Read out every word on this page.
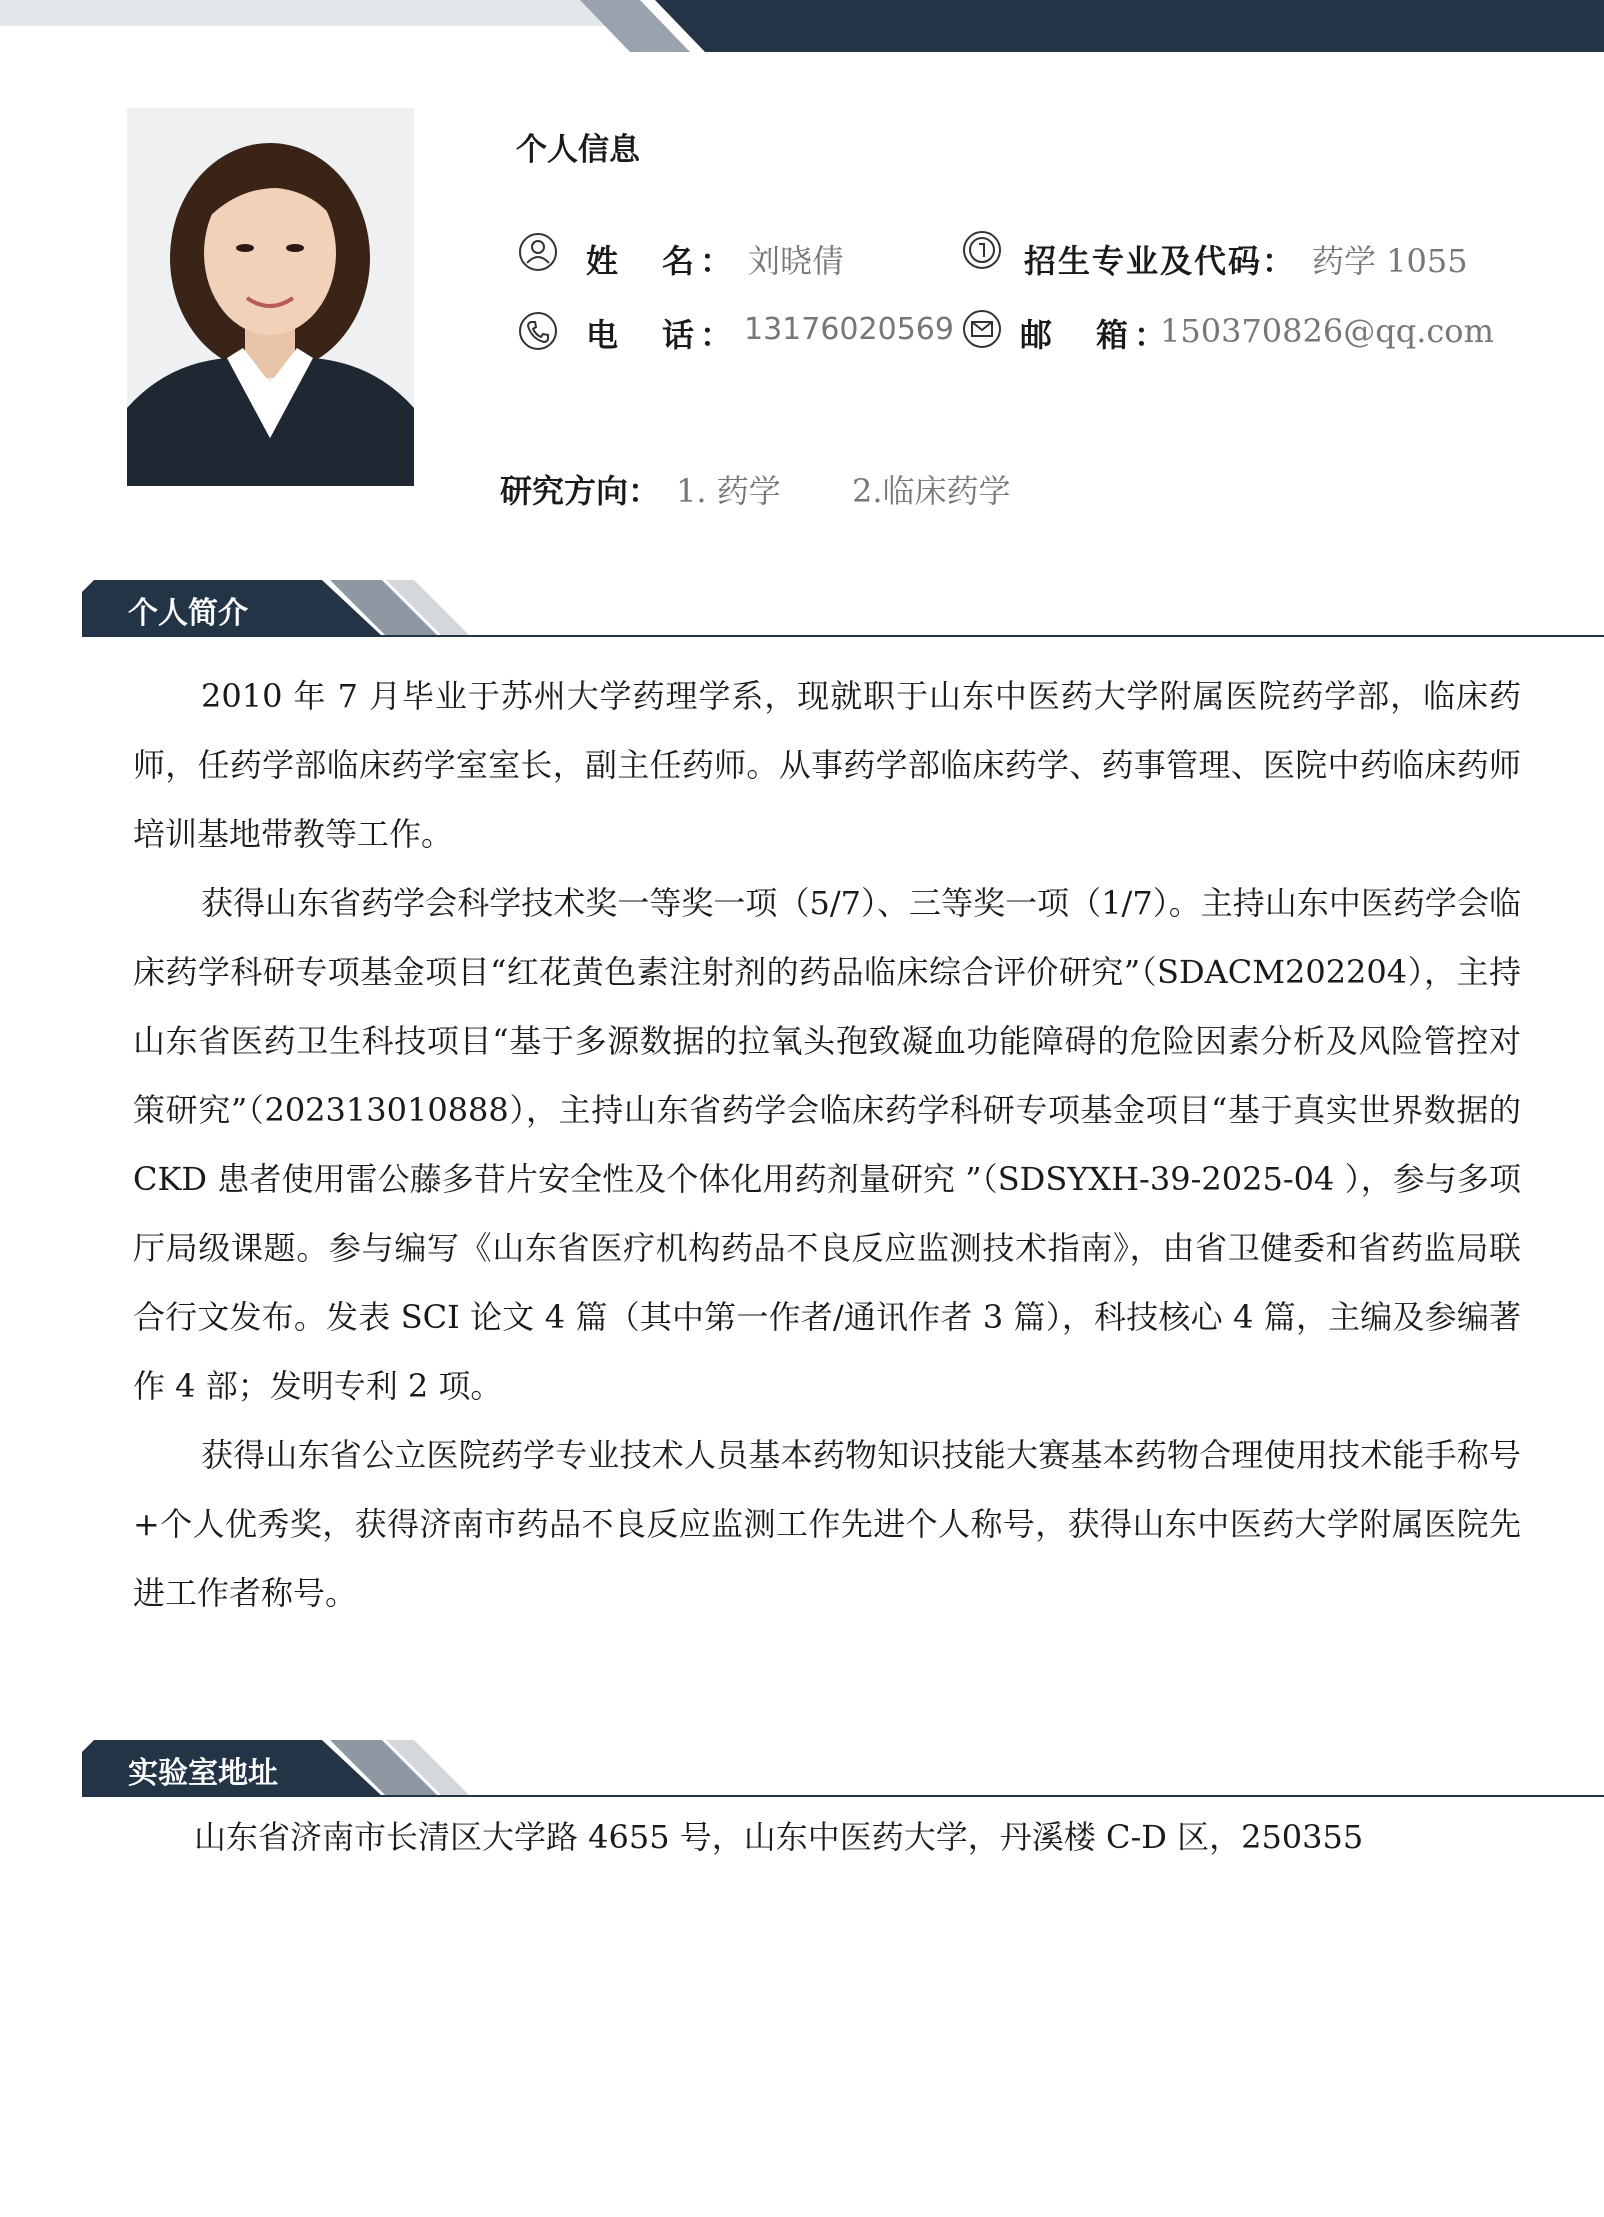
个人信息
姓　名： 刘晓倩	招生专业及代码： 药学 1055
电　话： 13176020569 邮　箱：
150370826@qq.com
研究方向： 1. 药学 2.临床药学
个人简介

2010 年 7 月毕业于苏州大学药理学系，现就职于山东中医药大学附属医院药学部，临床药师，任药学部临床药学室室长，副主任药师。从事药学部临床药学、药事管理、医院中药临床药师培训基地带教等工作。

获得山东省药学会科学技术奖一等奖一项（5/7）、三等奖一项（1/7）。主持山东中医药学会临床药学科研专项基金项目“红花黄色素注射剂的药品临床综合评价研究”（SDACM202204），主持山东省医药卫生科技项目“基于多源数据的拉氧头孢致凝血功能障碍的危险因素分析及风险管控对策研究”（202313010888），主持山东省药学会临床药学科研专项基金项目“基于真实世界数据的 CKD 患者使用雷公藤多苷片安全性及个体化用药剂量研究 ”（SDSYXH-39-2025-04 ），参与多项厅局级课题。参与编写《山东省医疗机构药品不良反应监测技术指南》，由省卫健委和省药监局联合行文发布。发表 SCI 论文 4 篇（其中第一作者/通讯作者 3 篇），科技核心 4 篇，主编及参编著作 4 部；发明专利 2 项。

获得山东省公立医院药学专业技术人员基本药物知识技能大赛基本药物合理使用技术能手称号+个人优秀奖，获得济南市药品不良反应监测工作先进个人称号，获得山东中医药大学附属医院先进工作者称号。

实验室地址
山东省济南市长清区大学路 4655 号，山东中医药大学，丹溪楼 C-D 区，250355
